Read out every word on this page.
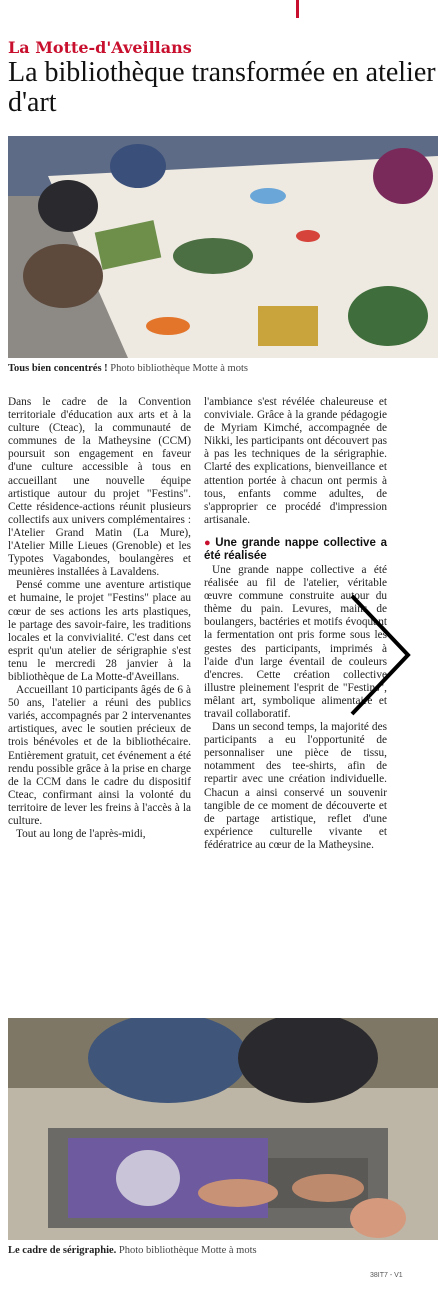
La Motte-d'Aveillans
La bibliothèque transformée en atelier d'art
Tous bien concentrés ! Photo bibliothèque Motte à mots

Dans le cadre de la Convention territoriale d'éducation aux arts et à la culture (Cteac), la communauté de communes de la Matheysine (CCM) poursuit son engagement en faveur d'une culture accessible à tous en accueillant une nouvelle équipe artistique autour du projet "Festins". Cette résidence-actions réunit plusieurs collectifs aux univers complémentaires : l'Atelier Grand Matin (La Mure), l'Atelier Mille Lieues (Grenoble) et les Typotes Vagabondes, boulangères et meunières installées à Lavaldens.

Pensé comme une aventure artistique et humaine, le projet "Festins" place au cœur de ses actions les arts plastiques, le partage des savoir-faire, les traditions locales et la convivialité. C'est dans cet esprit qu'un atelier de sérigraphie s'est tenu le mercredi 28 janvier à la bibliothèque de La Motte-d'Aveillans.

Accueillant 10 participants âgés de 6 à 50 ans, l'atelier a réuni des publics variés, accompagnés par 2 intervenantes artistiques, avec le soutien précieux de trois bénévoles et de la bibliothécaire. Entièrement gratuit, cet événement a été rendu possible grâce à la prise en charge de la CCM dans le cadre du dispositif Cteac, confirmant ainsi la volonté du territoire de lever les freins à l'accès à la culture.

Tout au long de l'après-midi,

l'ambiance s'est révélée chaleureuse et conviviale. Grâce à la grande pédagogie de Myriam Kimché, accompagnée de Nikki, les participants ont découvert pas à pas les techniques de la sérigraphie. Clarté des explications, bienveillance et attention portée à chacun ont permis à tous, enfants comme adultes, de s'approprier ce procédé d'impression artisanale.

● Une grande nappe collective a été réalisée

Une grande nappe collective a été réalisée au fil de l'atelier, véritable œuvre commune construite autour du thème du pain. Levures, mains de boulangers, bactéries et motifs évoquant la fermentation ont pris forme sous les gestes des participants, imprimés à l'aide d'un large éventail de couleurs d'encres. Cette création collective illustre pleinement l'esprit de "Festins", mêlant art, symbolique alimentaire et travail collaboratif.

Dans un second temps, la majorité des participants a eu l'opportunité de personnaliser une pièce de tissu, notamment des tee-shirts, afin de repartir avec une création individuelle. Chacun a ainsi conservé un souvenir tangible de ce moment de découverte et de partage artistique, reflet d'une expérience culturelle vivante et fédératrice au cœur de la Matheysine.

Le cadre de sérigraphie. Photo bibliothèque Motte à mots
38IT7 - V1
